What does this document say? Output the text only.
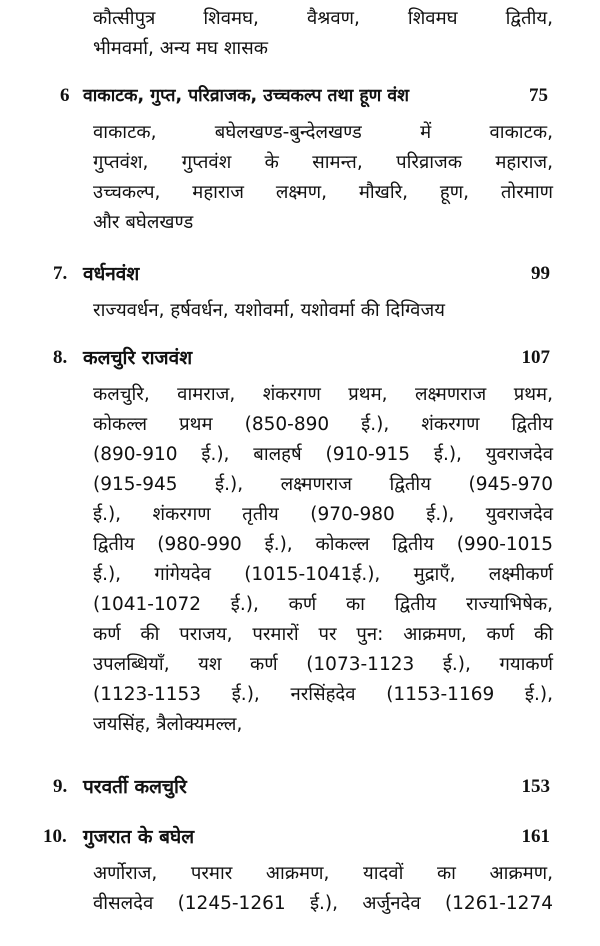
कौत्सीपुत्र शिवमघ, वैश्रवण, शिवमघ द्वितीय,
भीमवर्मा, अन्य मघ शासक
6 वाकाटक, गुप्त, परिव्राजक, उच्चकल्प तथा हूण वंश	75
वाकाटक, बघेलखण्ड-बुन्देलखण्ड में वाकाटक,
गुप्तवंश, गुप्तवंश के सामन्त, परिव्राजक महाराज,
उच्चकल्प, महाराज लक्ष्मण, मौखरि, हूण, तोरमाण
और बघेलखण्ड
7. वर्धनवंश	99
राज्यवर्धन, हर्षवर्धन, यशोवर्मा, यशोवर्मा की दिग्विजय
8. कलचुरि राजवंश	107
कलचुरि, वामराज, शंकरगण प्रथम, लक्ष्मणराज प्रथम,
कोकल्ल प्रथम (850-890 ई.), शंकरगण द्वितीय
(890-910 ई.), बालहर्ष (910-915 ई.), युवराजदेव
(915-945 ई.), लक्ष्मणराज द्वितीय (945-970
ई.), शंकरगण तृतीय (970-980 ई.), युवराजदेव
द्वितीय (980-990 ई.), कोकल्ल द्वितीय (990-1015
ई.), गांगेयदेव (1015-1041ई.), मुद्राएँ, लक्ष्मीकर्ण
(1041-1072 ई.), कर्ण का द्वितीय राज्याभिषेक,
कर्ण की पराजय, परमारों पर पुन: आक्रमण, कर्ण की
उपलब्धियाँ, यश कर्ण (1073-1123 ई.), गयाकर्ण
(1123-1153 ई.), नरसिंहदेव (1153-1169 ई.),
जयसिंह, त्रैलोक्यमल्ल,
9. परवर्ती कलचुरि	153
10. गुजरात के बघेल	161
अर्णोराज, परमार आक्रमण, यादवों का आक्रमण,
वीसलदेव (1245-1261 ई.), अर्जुनदेव (1261-1274
